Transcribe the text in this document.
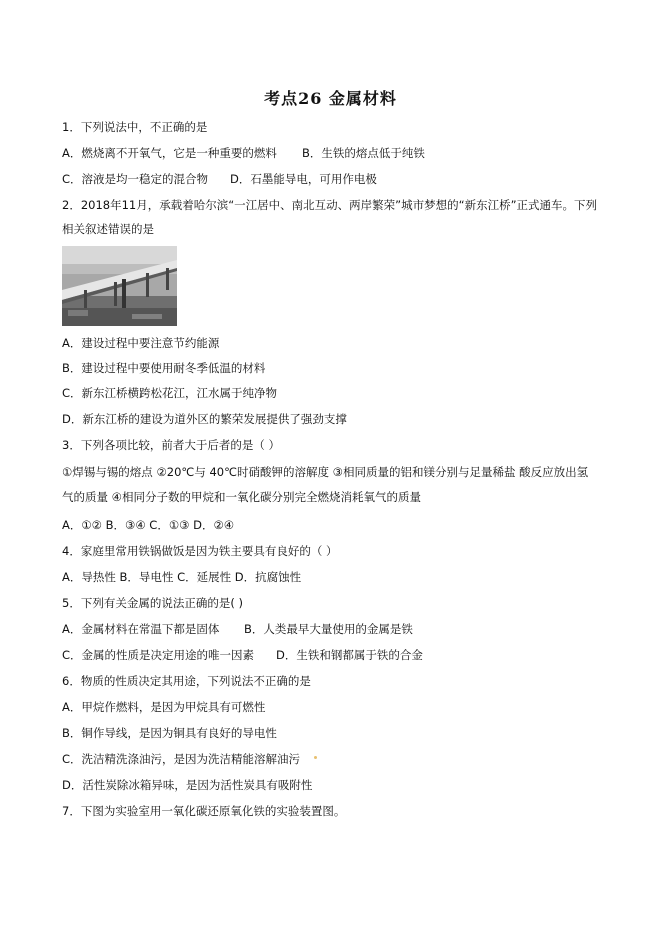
考点26 金属材料
1．下列说法中，不正确的是
A．燃烧离不开氧气，它是一种重要的燃料 B．生铁的熔点低于纯铁
C．溶液是均一稳定的混合物 D．石墨能导电，可用作电极
2．2018年11月，承载着哈尔滨“一江居中、南北互动、两岸繁荣”城市梦想的“新东江桥”正式通车。下列
相关叙述错误的是
A．建设过程中要注意节约能源
B．建设过程中要使用耐冬季低温的材料
C．新东江桥横跨松花江，江水属于纯净物
D．新东江桥的建设为道外区的繁荣发展提供了强劲支撑
3．下列各项比较，前者大于后者的是（ ）
①焊锡与锡的熔点 ②20℃与 40℃时硝酸钾的溶解度 ③相同质量的铝和镁分别与足量稀盐 酸反应放出氢
气的质量 ④相同分子数的甲烷和一氧化碳分别完全燃烧消耗氧气的质量
A．①② B．③④ C．①③ D．②④
4．家庭里常用铁锅做饭是因为铁主要具有良好的（ ）
A．导热性 B．导电性 C．延展性 D．抗腐蚀性
5．下列有关金属的说法正确的是( )
A．金属材料在常温下都是固体 B．人类最早大量使用的金属是铁
C．金属的性质是决定用途的唯一因素 D．生铁和钢都属于铁的合金
6．物质的性质决定其用途，下列说法不正确的是
A．甲烷作燃料，是因为甲烷具有可燃性
B．铜作导线，是因为铜具有良好的导电性
C．洗洁精洗涤油污，是因为洗洁精能溶解油污
D．活性炭除冰箱异味，是因为活性炭具有吸附性
7．下图为实验室用一氧化碳还原氧化铁的实验装置图。
